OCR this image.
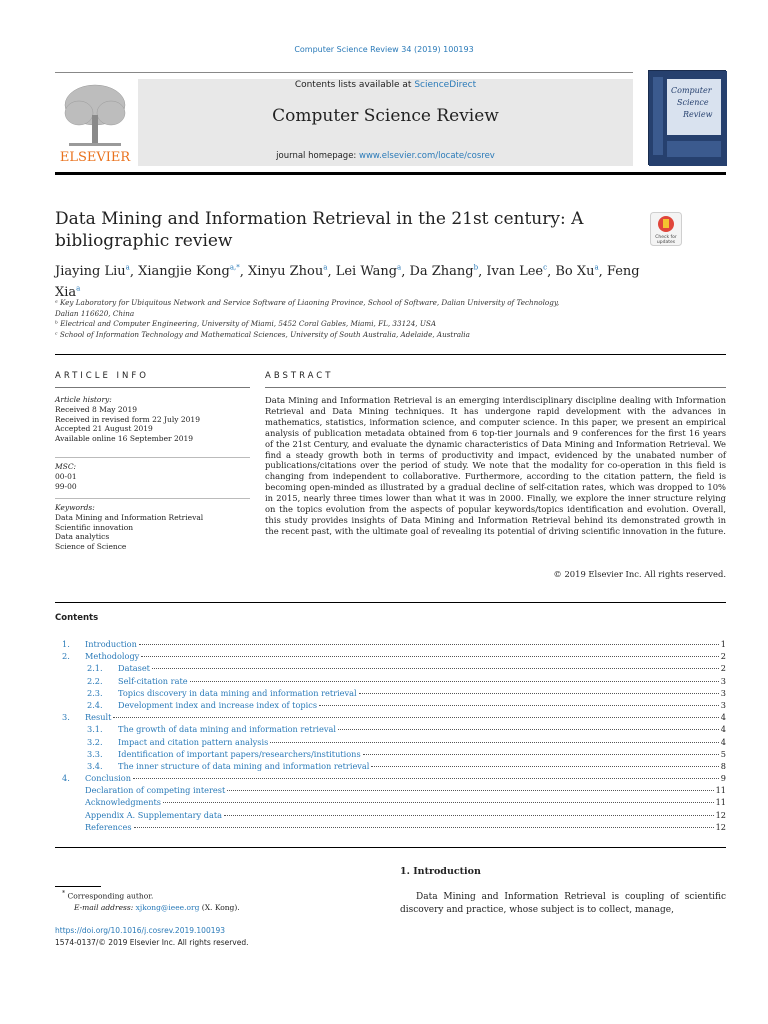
Computer Science Review 34 (2019) 100193
ELSEVIER
Contents lists available at ScienceDirect
Computer Science Review
journal homepage: www.elsevier.com/locate/cosrev
Computer
Science
Review
Data Mining and Information Retrieval in the 21st century: A bibliographic review	Check for
updates
Jiaying Liu$^a$, Xiangjie Kong$^{a,*}$, Xinyu Zhou$^a$, Lei Wang$^a$, Da Zhang$^b$, Ivan Lee$^c$, Bo Xu$^a$, Feng Xia$^a$
ᵃ Key Laboratory for Ubiquitous Network and Service Software of Liaoning Province, School of Software, Dalian University of Technology, Dalian 116620, China
ᵇ Electrical and Computer Engineering, University of Miami, 5452 Coral Gables, Miami, FL, 33124, USA
ᶜ School of Information Technology and Mathematical Sciences, University of South Australia, Adelaide, Australia
ARTICLE INFO	ABSTRACT
Article history:
Received 8 May 2019
Received in revised form 22 July 2019
Accepted 21 August 2019
Available online 16 September 2019
MSC:
00-01
99-00
Keywords:
Data Mining and Information Retrieval
Scientific innovation
Data analytics
Science of Science
Data Mining and Information Retrieval is an emerging interdisciplinary discipline dealing with Information Retrieval and Data Mining techniques. It has undergone rapid development with the advances in mathematics, statistics, information science, and computer science. In this paper, we present an empirical analysis of publication metadata obtained from 6 top-tier journals and 9 conferences for the first 16 years of the 21st Century, and evaluate the dynamic characteristics of Data Mining and Information Retrieval. We find a steady growth both in terms of productivity and impact, evidenced by the unabated number of publications/citations over the period of study. We note that the modality for co-operation in this field is changing from independent to collaborative. Furthermore, according to the citation pattern, the field is becoming open-minded as illustrated by a gradual decline of self-citation rates, which was dropped to 10% in 2015, nearly three times lower than what it was in 2000. Finally, we explore the inner structure relying on the topics evolution from the aspects of popular keywords/topics identification and evolution. Overall, this study provides insights of Data Mining and Information Retrieval behind its demonstrated growth in the recent past, with the ultimate goal of revealing its potential of driving scientific innovation in the future.
© 2019 Elsevier Inc. All rights reserved.
Contents
1.	Introduction	1
2.	Methodology	2
2.1.	Dataset	2
2.2.	Self-citation rate	3
2.3.	Topics discovery in data mining and information retrieval	3
2.4.	Development index and increase index of topics	3
3.	Result	4
3.1.	The growth of data mining and information retrieval	4
3.2.	Impact and citation pattern analysis	4
3.3.	Identification of important papers/researchers/institutions	5
3.4.	The inner structure of data mining and information retrieval	8
4.	Conclusion	9
Declaration of competing interest	11
Acknowledgments	11
Appendix A. Supplementary data	12
References	12
1. Introduction
Data Mining and Information Retrieval is coupling of scientific discovery and practice, whose subject is to collect, manage,
* Corresponding author.
E-mail address: xjkong@ieee.org (X. Kong).
https://doi.org/10.1016/j.cosrev.2019.100193
1574-0137/© 2019 Elsevier Inc. All rights reserved.
